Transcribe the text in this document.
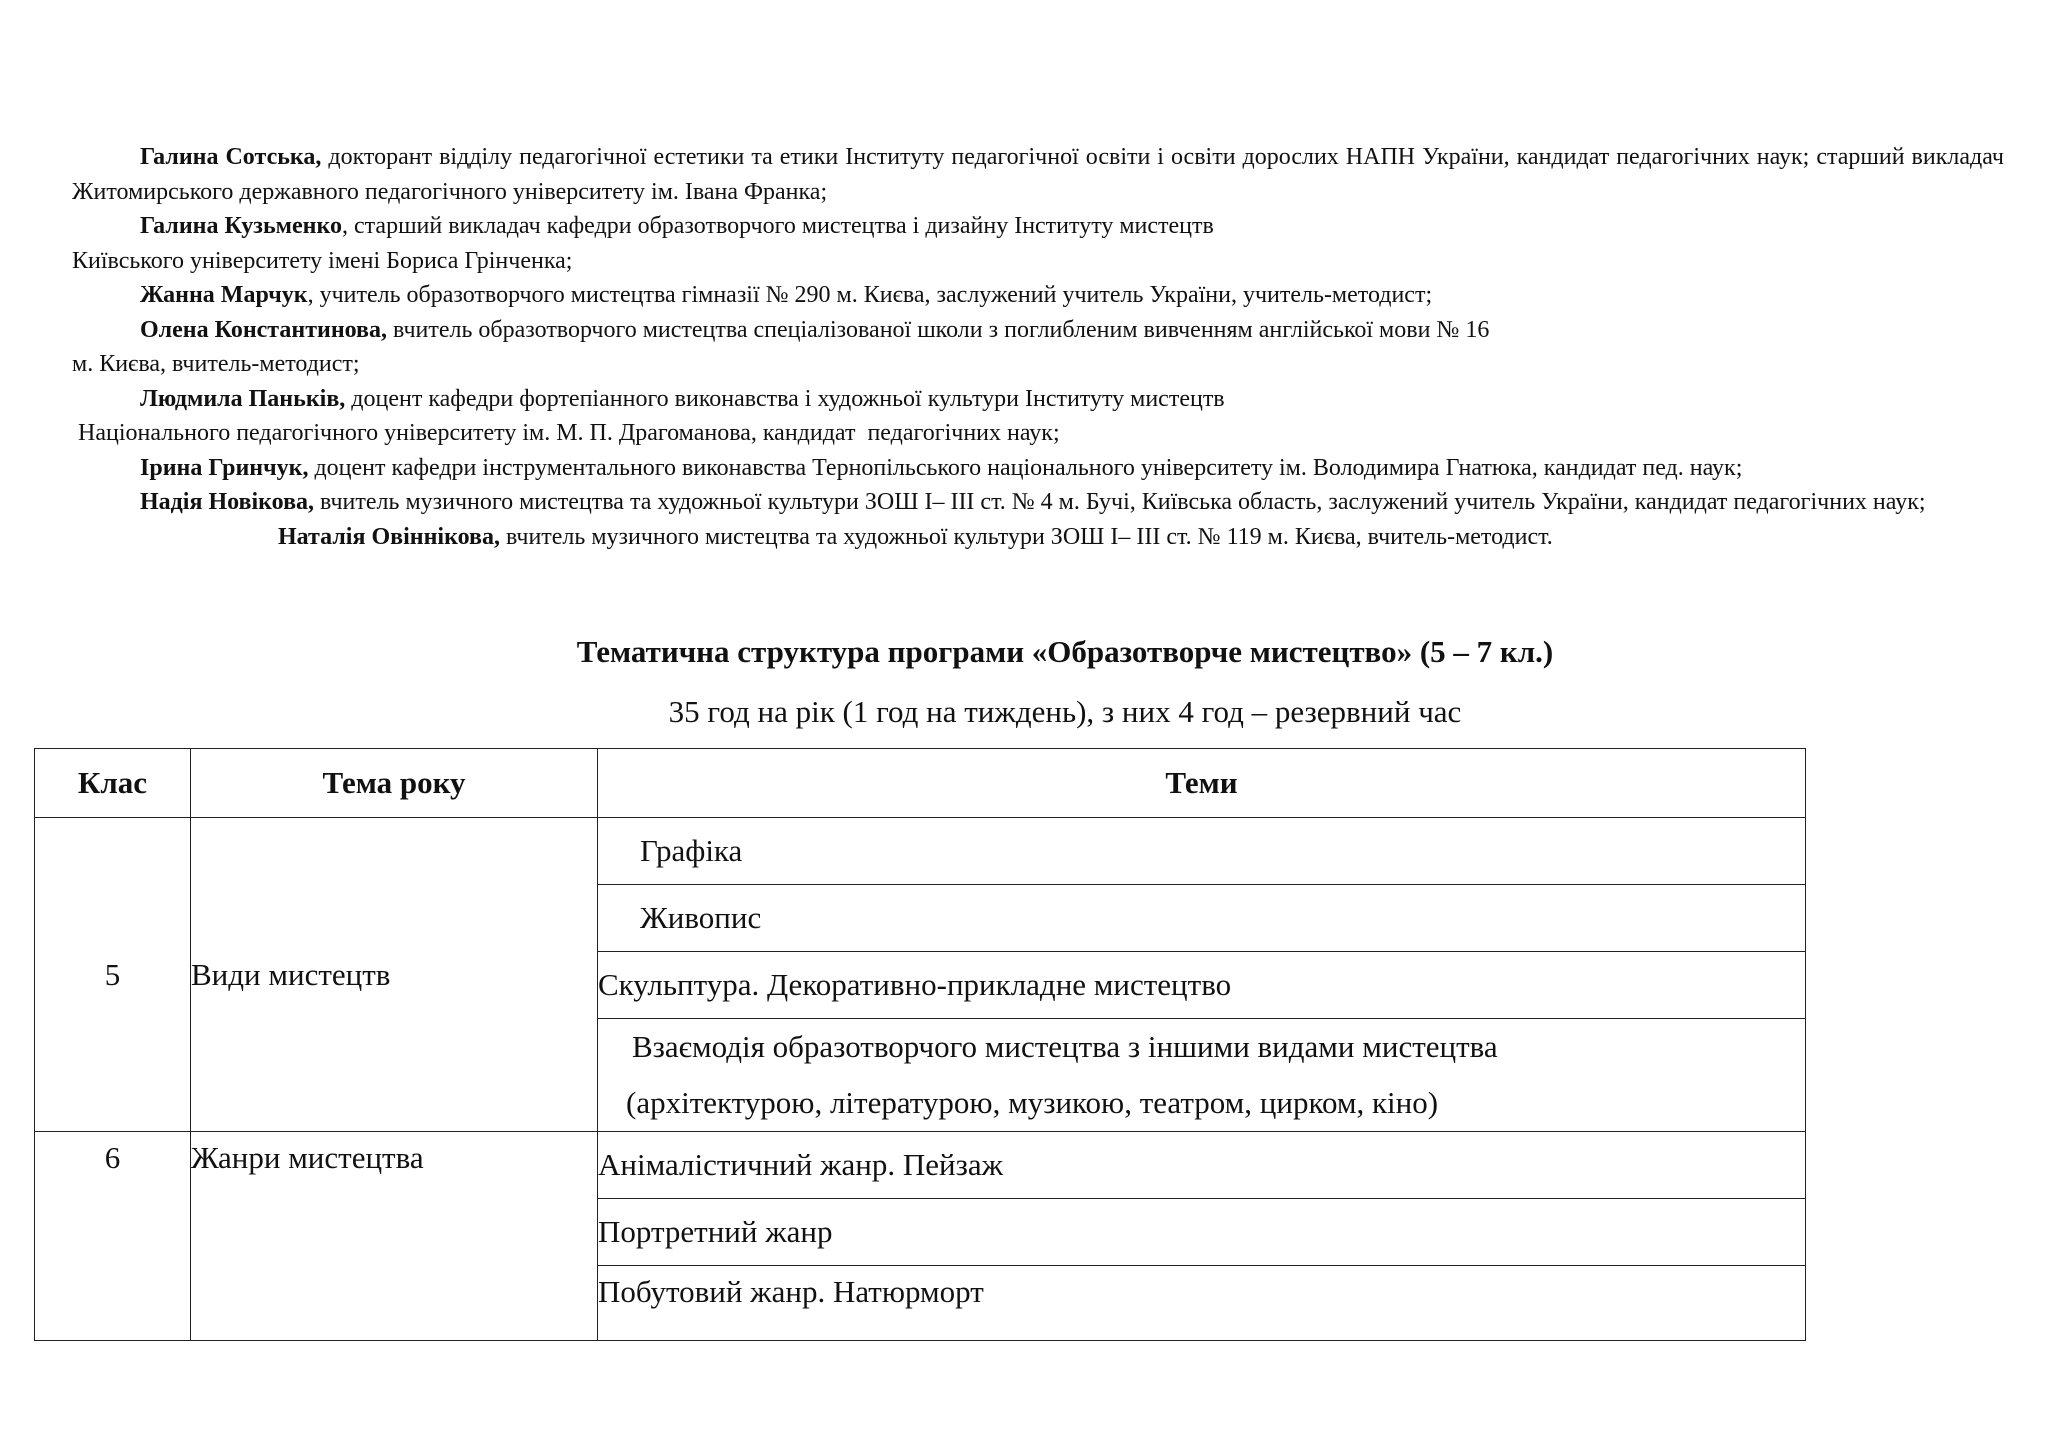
Галина Сотська, докторант відділу педагогічної естетики та етики Інституту педагогічної освіти і освіти дорослих НАПН України, кандидат педагогічних наук; старший викладач Житомирського державного педагогічного університету ім. Івана Франка;

Галина Кузьменко, старший викладач кафедри образотворчого мистецтва і дизайну Інституту мистецтв

Київського університету імені Бориса Грінченка;

Жанна Марчук, учитель образотворчого мистецтва гімназії № 290 м. Києва, заслужений учитель України, учитель-методист;

Олена Константинова, вчитель образотворчого мистецтва спеціалізованої школи з поглибленим вивченням англійської мови № 16

м. Києва, вчитель-методист;

Людмила Паньків, доцент кафедри фортепіанного виконавства і художньої культури Інституту мистецтв

Національного педагогічного університету ім. М. П. Драгоманова, кандидат  педагогічних наук;

Ірина Гринчук, доцент кафедри інструментального виконавства Тернопільського національного університету ім. Володимира Гнатюка, кандидат пед. наук;

Надія Новікова, вчитель музичного мистецтва та художньої культури ЗОШ І– ІІІ ст. № 4 м. Бучі, Київська область, заслужений учитель України, кандидат педагогічних наук;

Наталія Овіннікова, вчитель музичного мистецтва та художньої культури ЗОШ І– ІІІ ст. № 119 м. Києва, вчитель-методист.

Тематична структура програми «Образотворче мистецтво» (5 – 7 кл.)

35 год на рік (1 год на тиждень), з них 4 год – резервний час

Клас	Тема року	Теми
5	Види мистецтв	Графіка
		Живопис
		Скульптура. Декоративно-прикладне мистецтво

		Взаємодія образотворчого мистецтва з іншими видами мистецтва
(архітектурою, літературою, музикою, театром, цирком, кіно)

6	Жанри мистецтва	Анімалістичний жанр. Пейзаж
		Портретний жанр
		Побутовий жанр. Натюрморт
